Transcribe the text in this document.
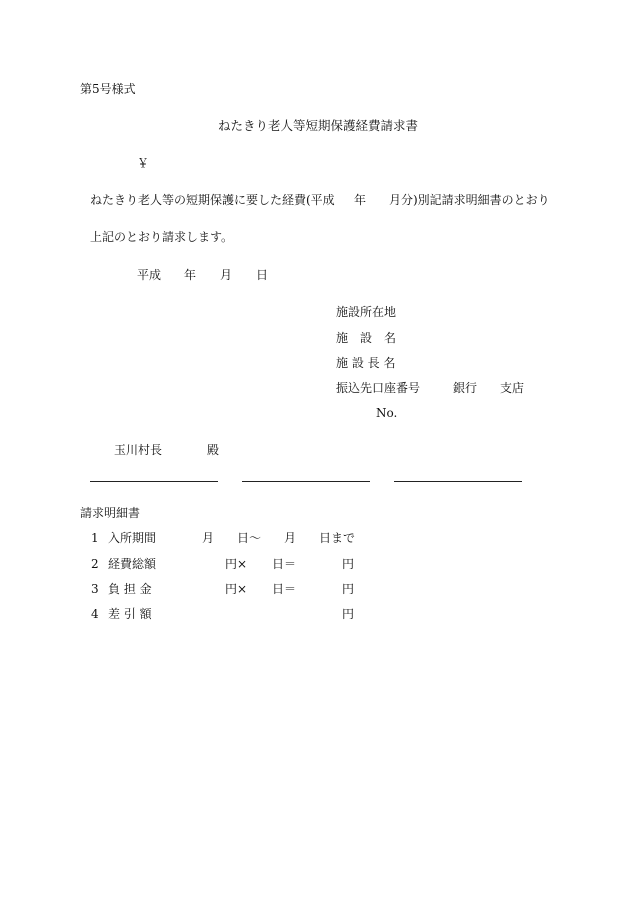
第5号様式
ねたきり老人等短期保護経費請求書
￥
ねたきり老人等の短期保護に要した経費(平成 年 月分)別記請求明細書のとおり
上記のとおり請求します。
平成 年 月 日
施設所在地
施　設　名
施 設 長 名
振込先口座番号	銀行 支店
No.
玉川村長	殿
請求明細書
1 入所期間	月 日〜 月 日まで
2 経費総額	円× 日＝	円
3 負 担 金	円× 日＝	円
4 差 引 額	円
